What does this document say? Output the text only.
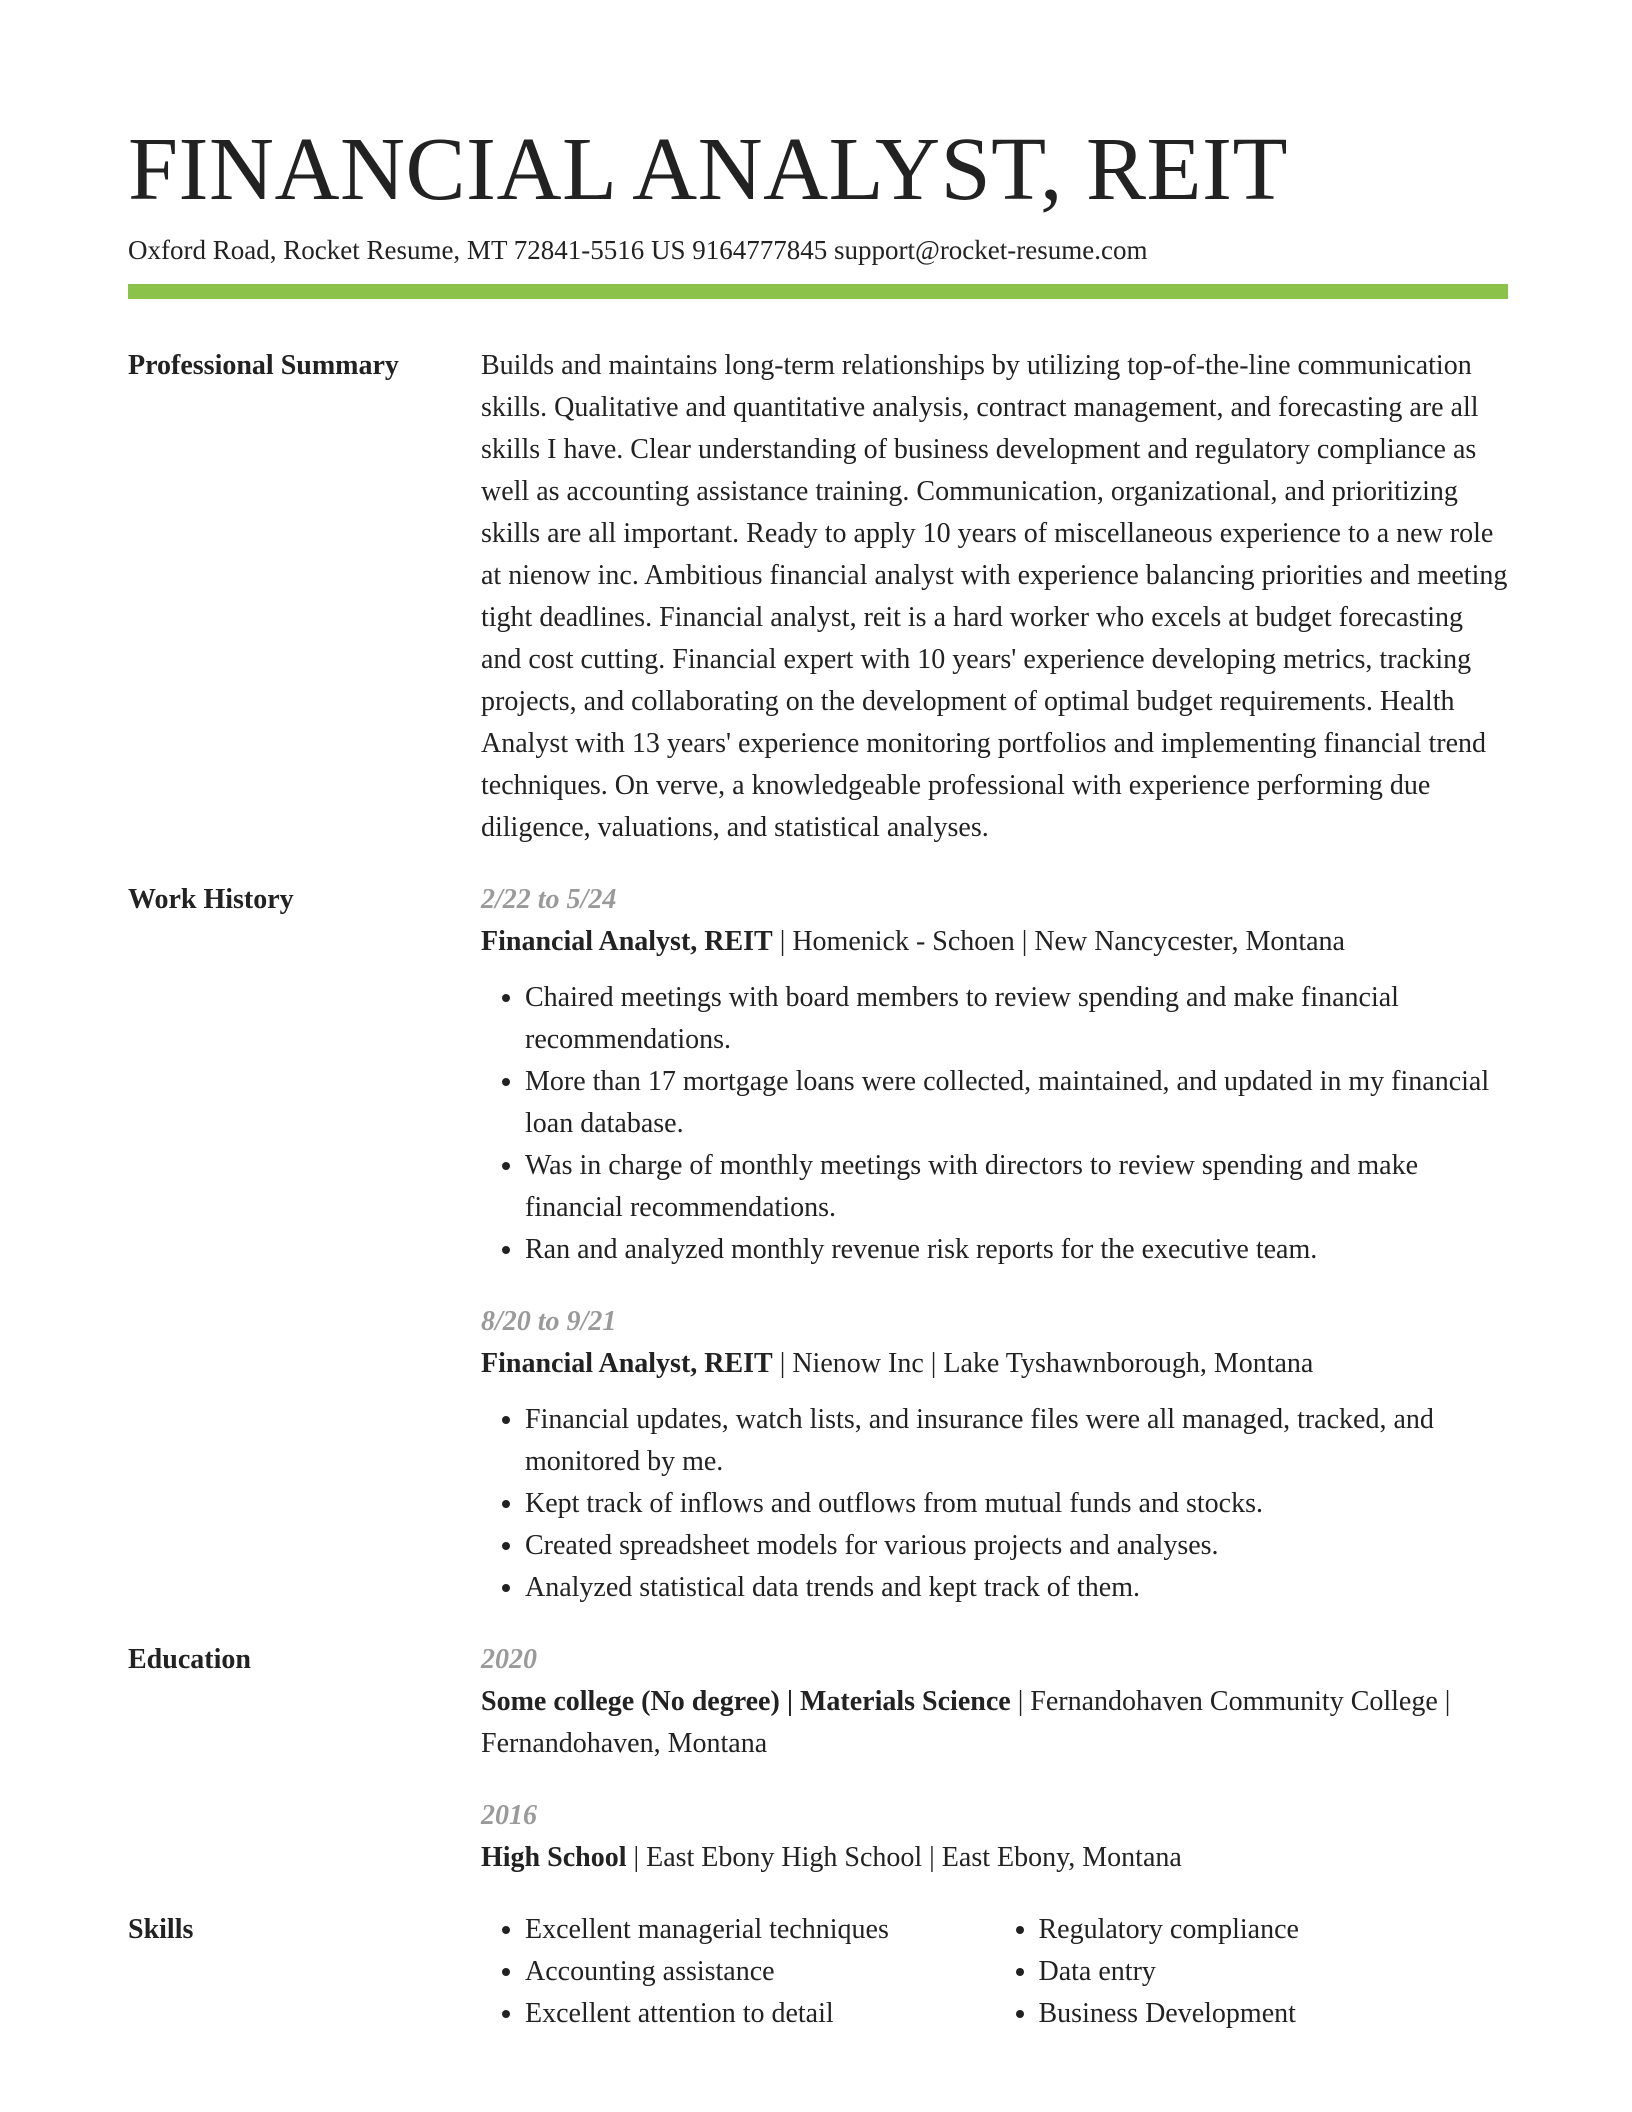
FINANCIAL ANALYST, REIT
Oxford Road, Rocket Resume, MT 72841-5516 US 9164777845 support@rocket-resume.com
Professional Summary	Builds and maintains long-term relationships by utilizing top-of-the-line communication skills. Qualitative and quantitative analysis, contract management, and forecasting are all skills I have. Clear understanding of business development and regulatory compliance as well as accounting assistance training. Communication, organizational, and prioritizing skills are all important. Ready to apply 10 years of miscellaneous experience to a new role at nienow inc. Ambitious financial analyst with experience balancing priorities and meeting tight deadlines. Financial analyst, reit is a hard worker who excels at budget forecasting and cost cutting. Financial expert with 10 years' experience developing metrics, tracking projects, and collaborating on the development of optimal budget requirements. Health Analyst with 13 years' experience monitoring portfolios and implementing financial trend techniques. On verve, a knowledgeable professional with experience performing due diligence, valuations, and statistical analyses.

Work History	2/22 to 5/24
Financial Analyst, REIT | Homenick - Schoen | New Nancycester, Montana
• Chaired meetings with board members to review spending and make financial recommendations.
• More than 17 mortgage loans were collected, maintained, and updated in my financial loan database.
• Was in charge of monthly meetings with directors to review spending and make financial recommendations.
• Ran and analyzed monthly revenue risk reports for the executive team.
8/20 to 9/21
Financial Analyst, REIT | Nienow Inc | Lake Tyshawnborough, Montana
• Financial updates, watch lists, and insurance files were all managed, tracked, and monitored by me.
• Kept track of inflows and outflows from mutual funds and stocks.
• Created spreadsheet models for various projects and analyses.
• Analyzed statistical data trends and kept track of them.
Education	2020
Some college (No degree) | Materials Science | Fernandohaven Community College | Fernandohaven, Montana
2016
High School | East Ebony High School | East Ebony, Montana
Skills
•	Excellent managerial techniques
• Accounting assistance
• Excellent attention to detail
• Regulatory compliance
• Data entry
• Business Development
